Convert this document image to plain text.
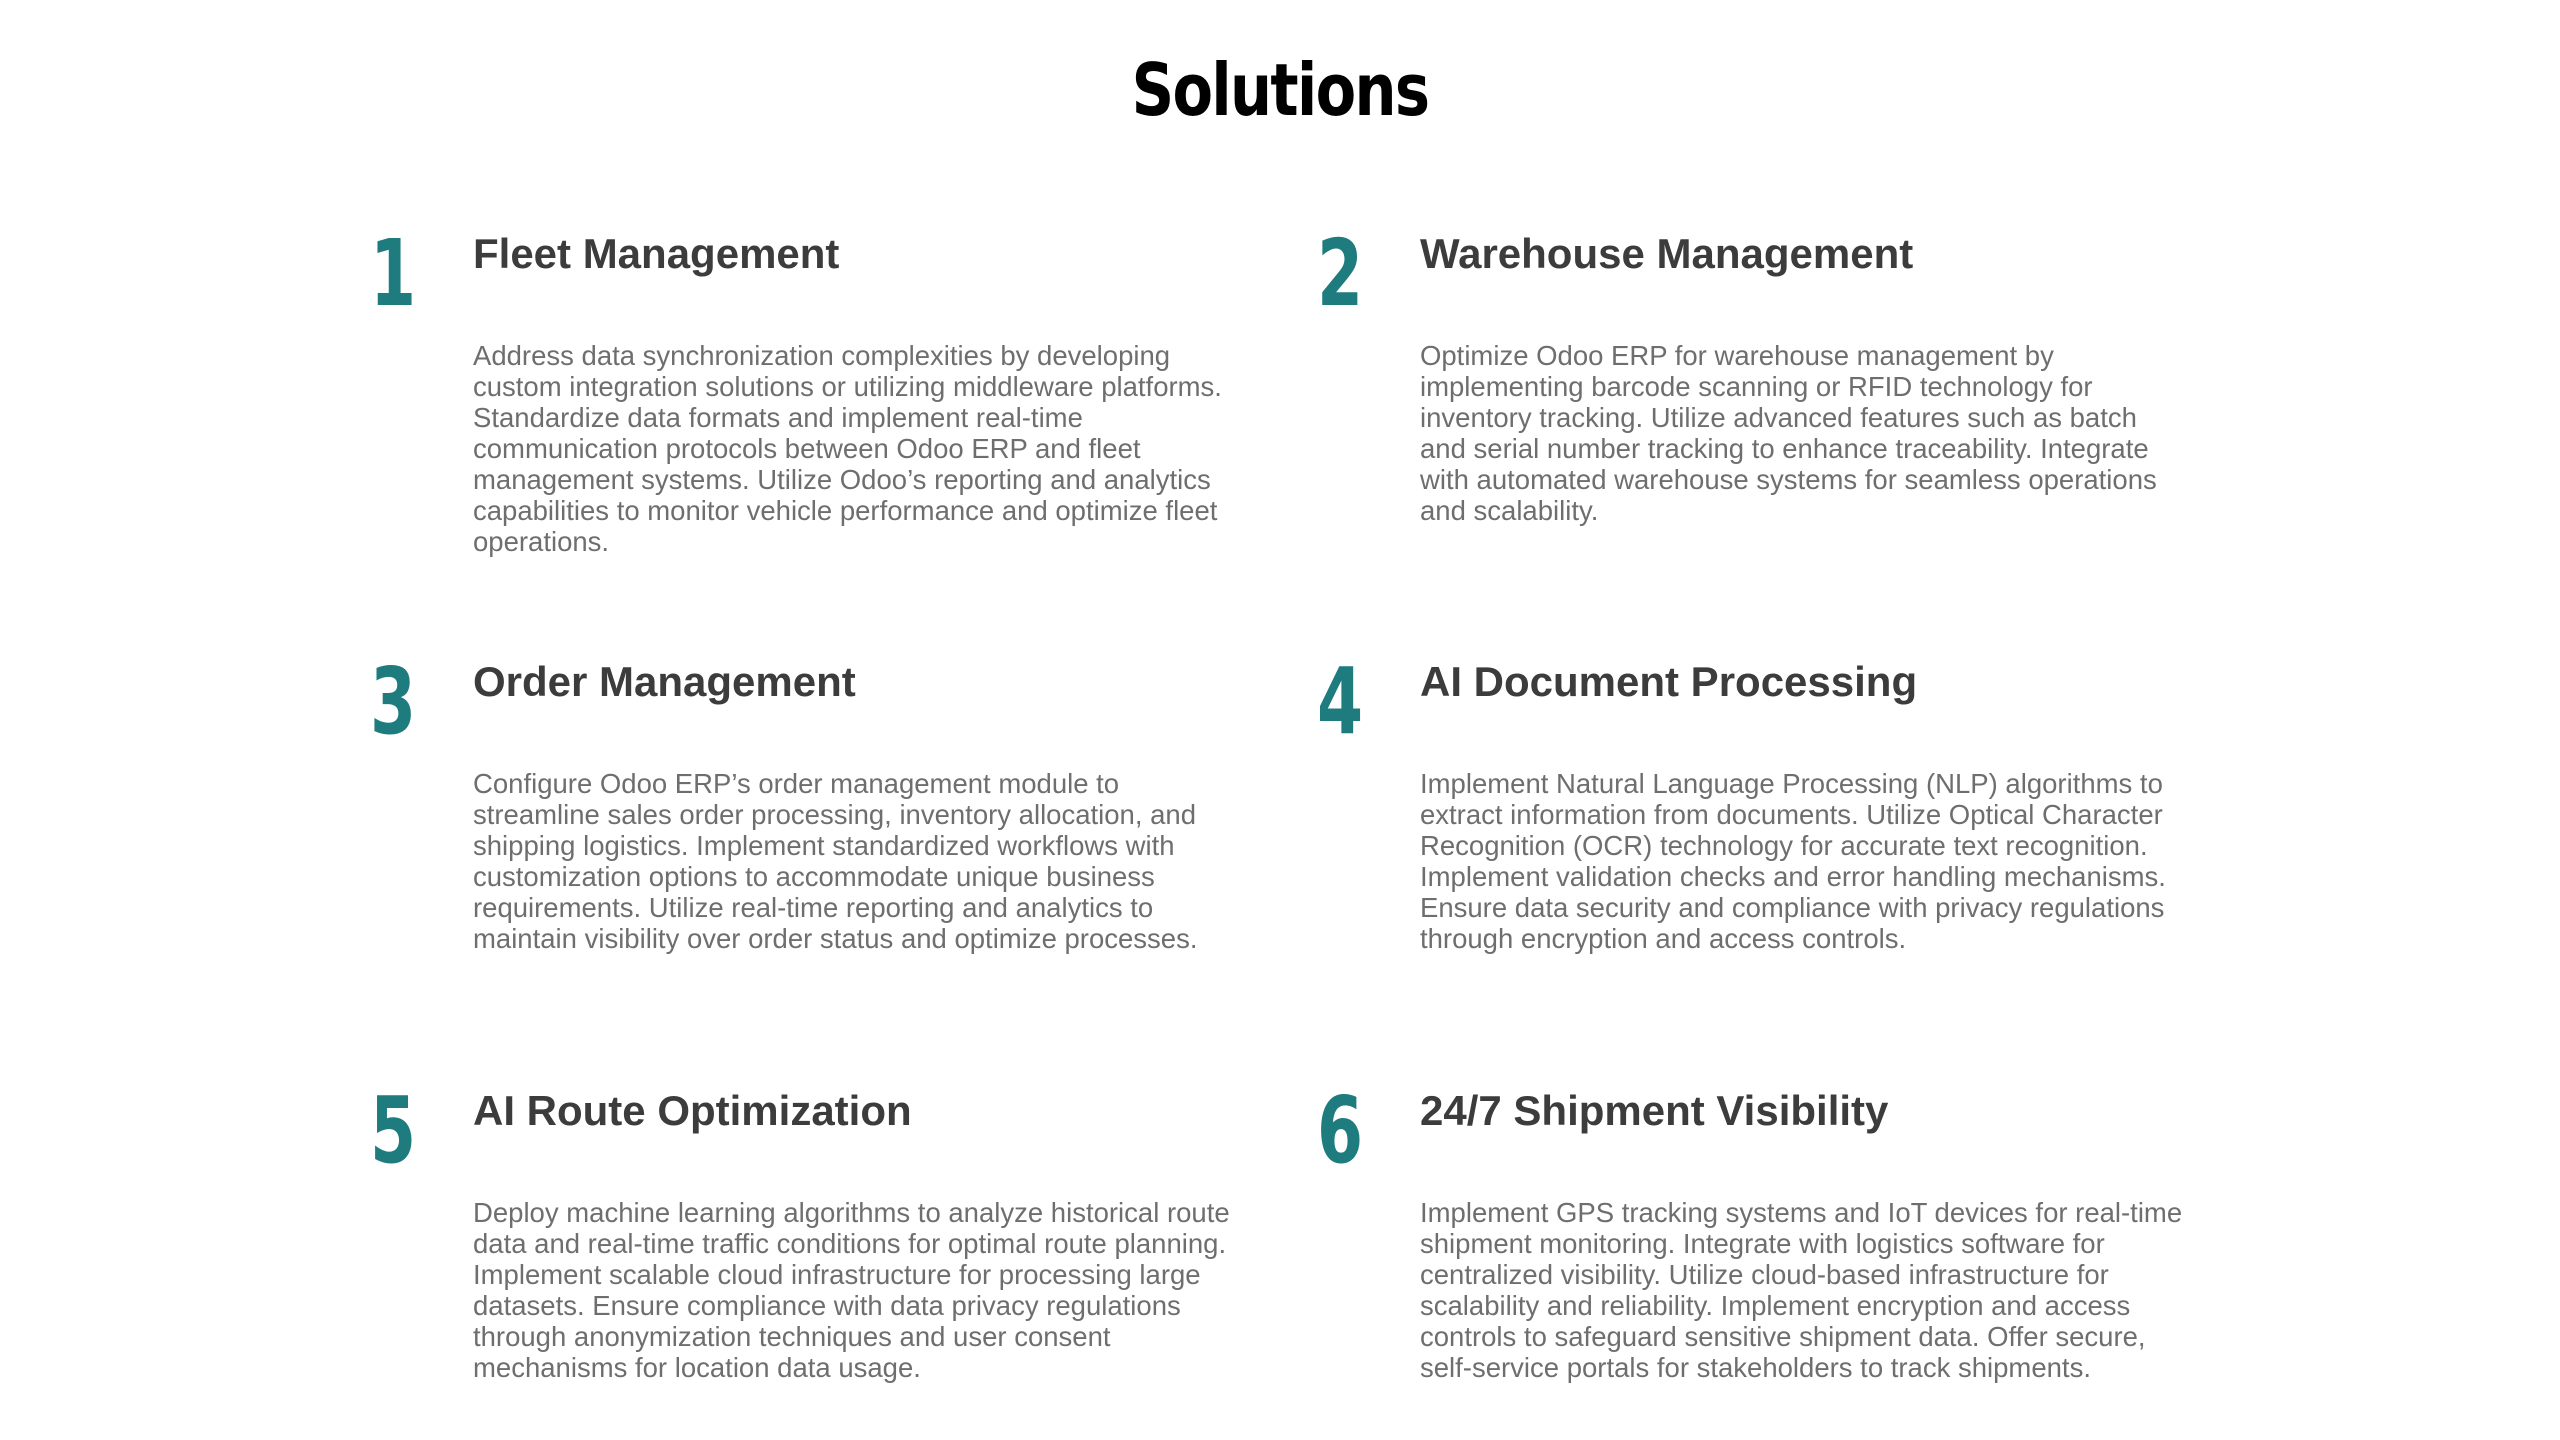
Solutions
1 Fleet Management

Address data synchronization complexities by developing custom integration solutions or utilizing middleware platforms. Standardize data formats and implement real-time communication protocols between Odoo ERP and fleet management systems. Utilize Odoo’s reporting and analytics capabilities to monitor vehicle performance and optimize fleet operations.

2 Warehouse Management

Optimize Odoo ERP for warehouse management by implementing barcode scanning or RFID technology for inventory tracking. Utilize advanced features such as batch and serial number tracking to enhance traceability. Integrate with automated warehouse systems for seamless operations and scalability.

3 Order Management

Configure Odoo ERP’s order management module to streamline sales order processing, inventory allocation, and shipping logistics. Implement standardized workflows with customization options to accommodate unique business requirements. Utilize real-time reporting and analytics to maintain visibility over order status and optimize processes.

4 AI Document Processing

Implement Natural Language Processing (NLP) algorithms to extract information from documents. Utilize Optical Character Recognition (OCR) technology for accurate text recognition. Implement validation checks and error handling mechanisms. Ensure data security and compliance with privacy regulations through encryption and access controls.

5 AI Route Optimization

Deploy machine learning algorithms to analyze historical route data and real-time traffic conditions for optimal route planning. Implement scalable cloud infrastructure for processing large datasets. Ensure compliance with data privacy regulations through anonymization techniques and user consent mechanisms for location data usage.

6 24/7 Shipment Visibility

Implement GPS tracking systems and IoT devices for real-time shipment monitoring. Integrate with logistics software for centralized visibility. Utilize cloud-based infrastructure for scalability and reliability. Implement encryption and access controls to safeguard sensitive shipment data. Offer secure, self-service portals for stakeholders to track shipments.
